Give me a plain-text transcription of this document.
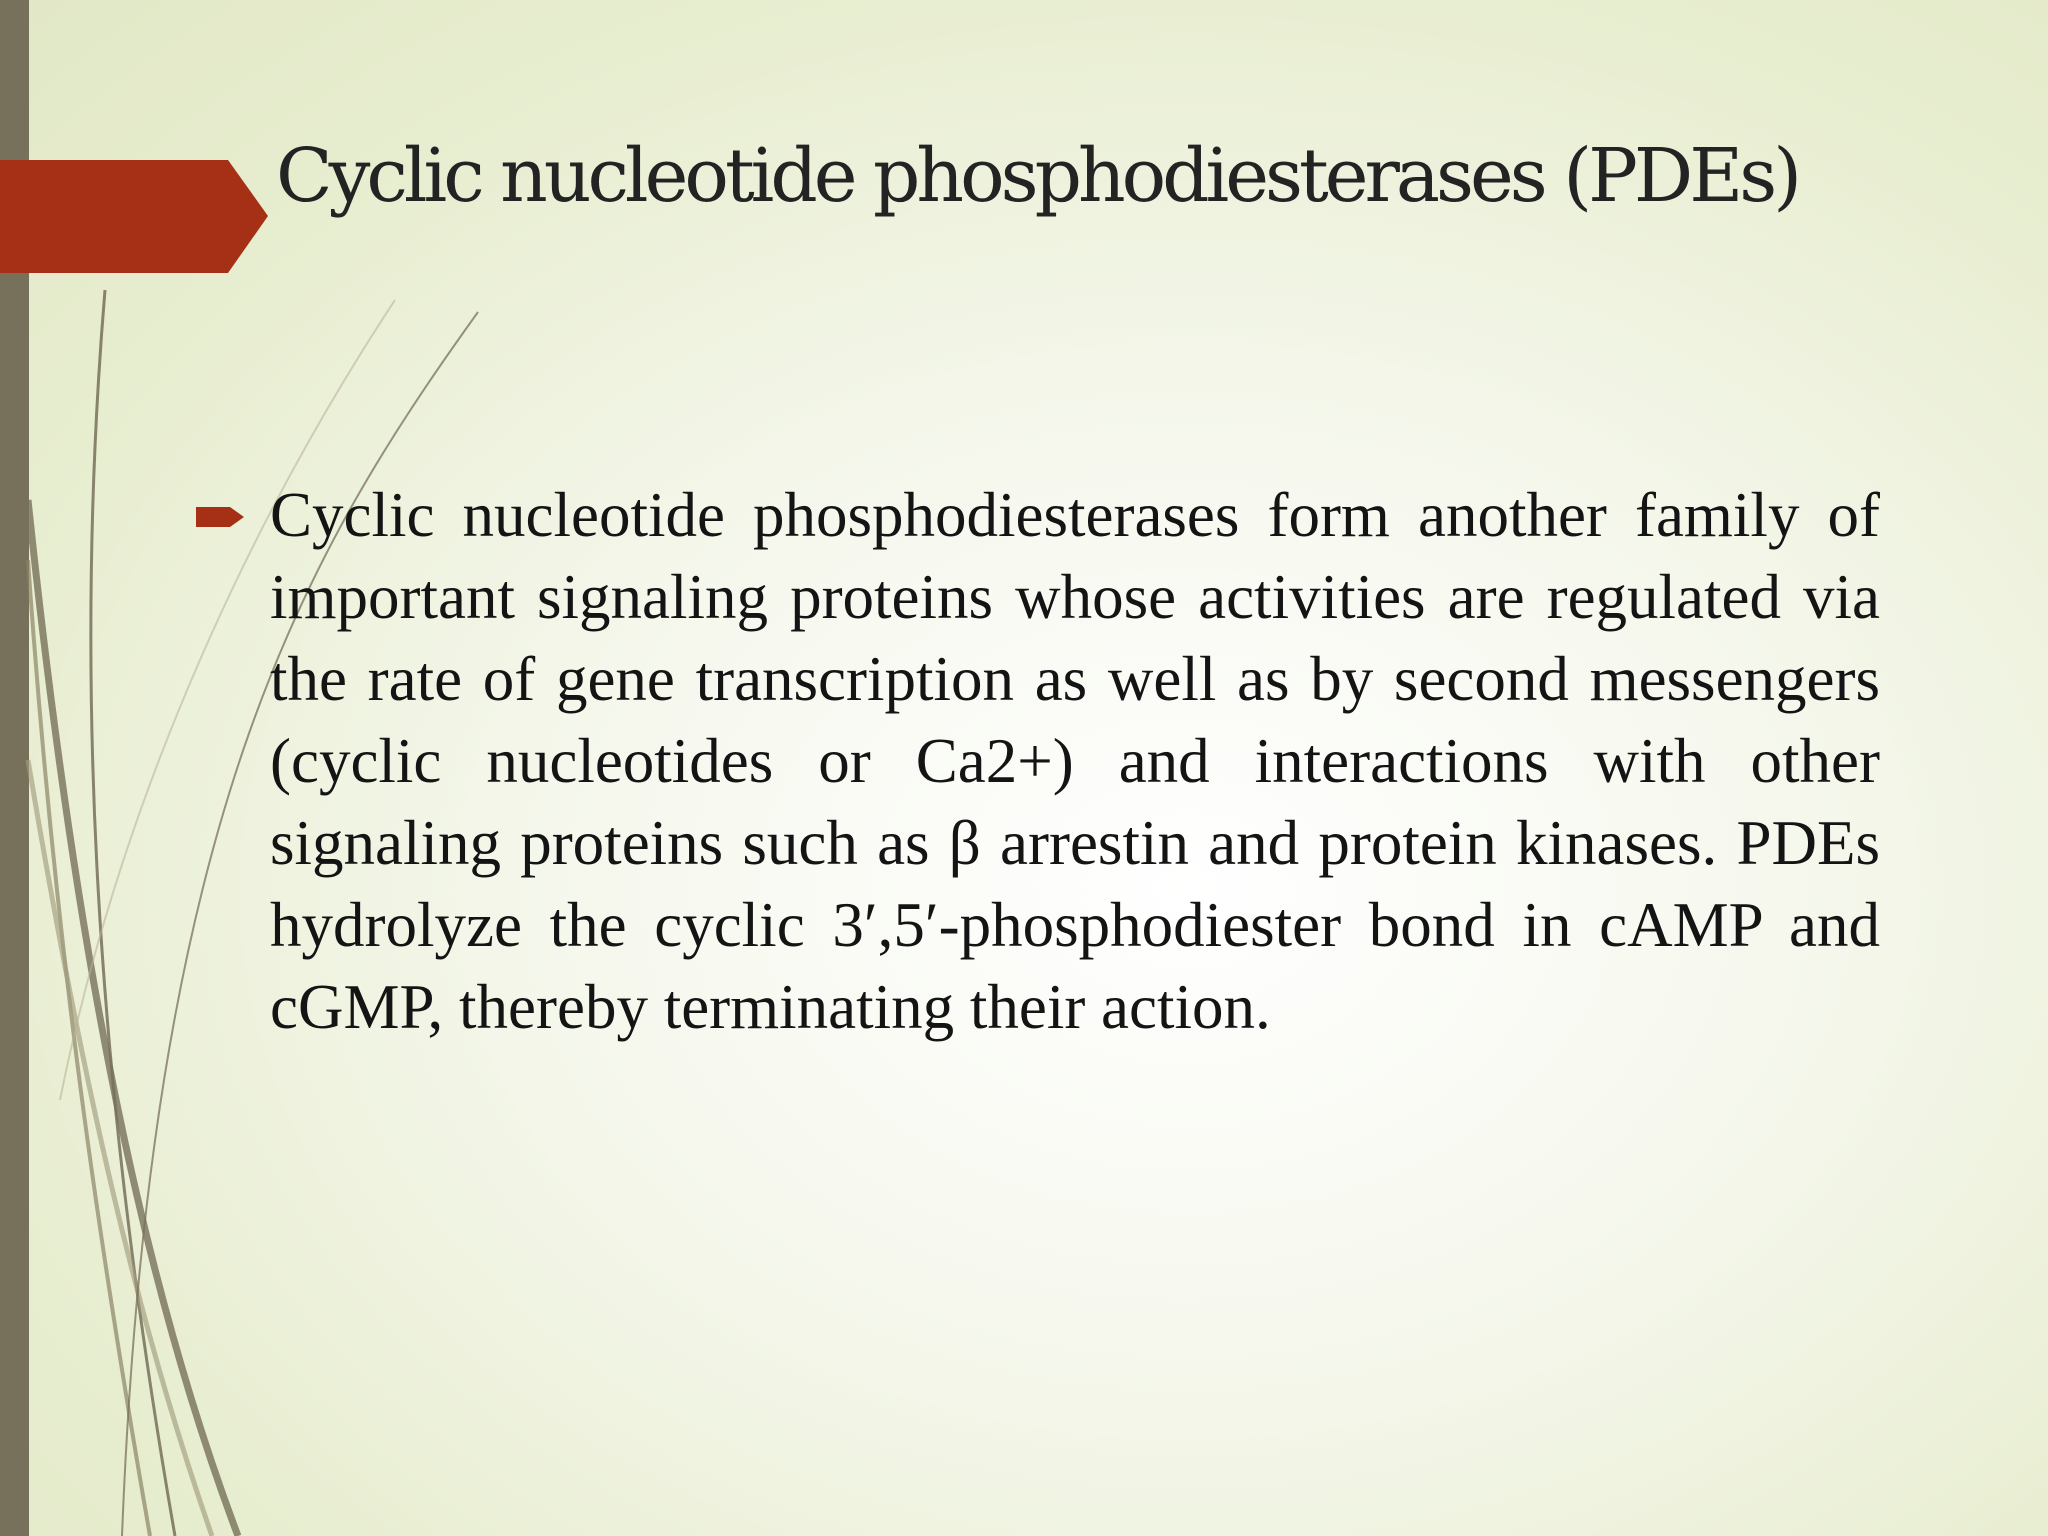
Cyclic nucleotide phosphodiesterases (PDEs)
Cyclic nucleotide phosphodiesterases form another family of important signaling proteins whose activities are regulated via the rate of gene transcription as well as by second messengers (cyclic nucleotides or Ca2+) and interactions with other signaling proteins such as β arrestin and protein kinases. PDEs hydrolyze the cyclic 3′,5′-phosphodiester bond in cAMP and cGMP, thereby terminating their action.
